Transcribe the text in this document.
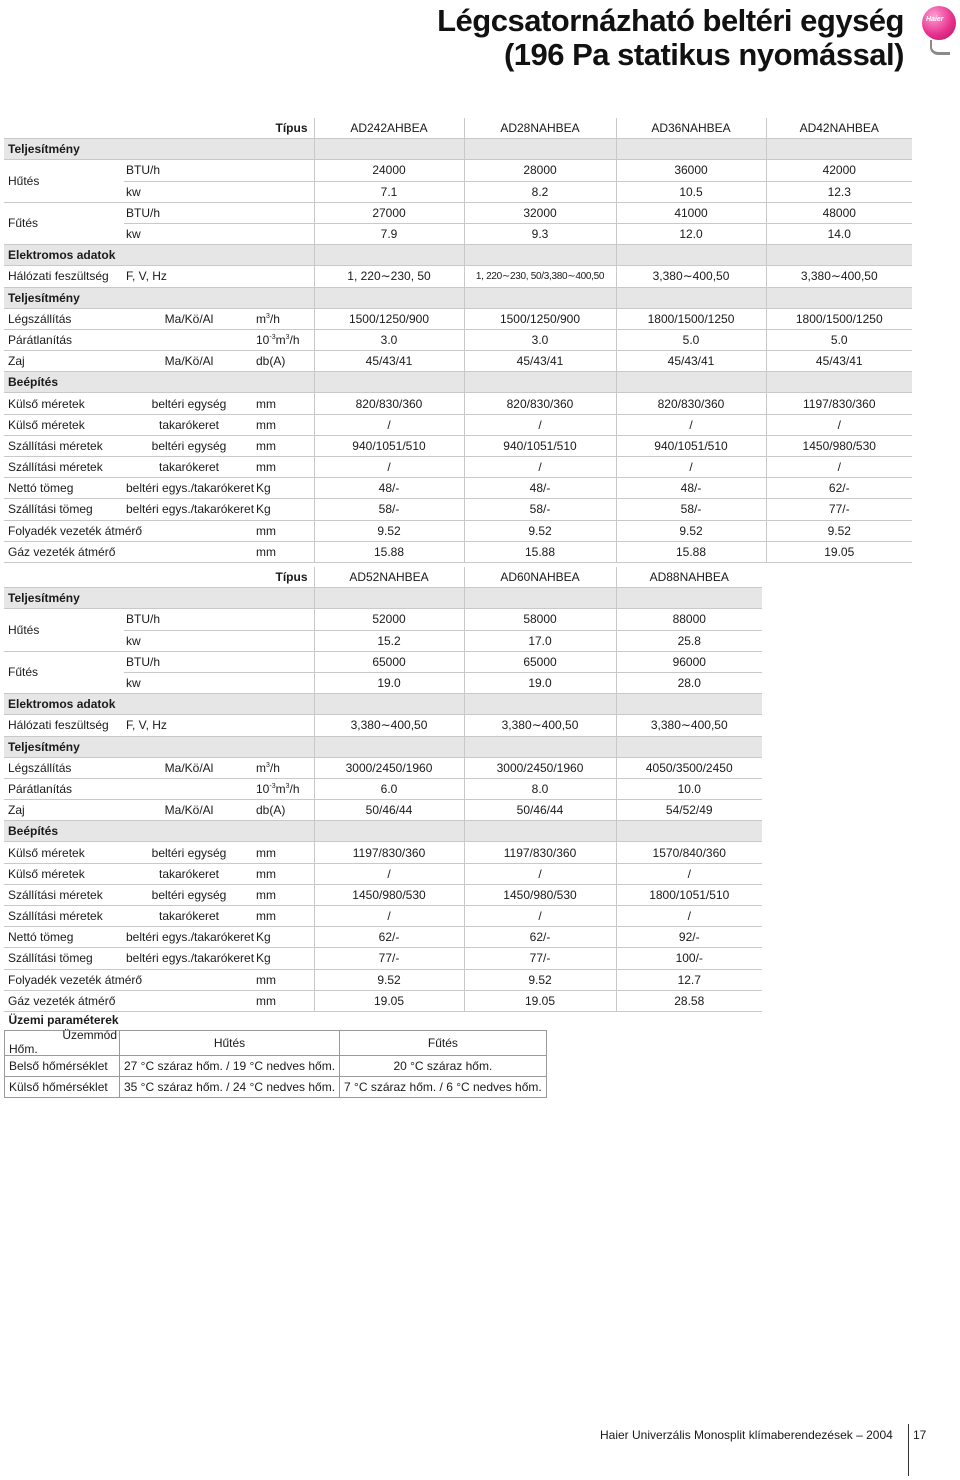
Légcsatornázható beltéri egység
(196 Pa statikus nyomással)
Haier
Típus			AD242AHBEA	AD28NAHBEA	AD36NAHBEA	AD42NAHBEA
Teljesítmény						
Hűtés	BTU/h		24000	28000	36000	42000
	kw		7.1	8.2	10.5	12.3
Fűtés	BTU/h		27000	32000	41000	48000
	kw		7.9	9.3	12.0	14.0
Elektromos adatok						
Hálózati feszültség	F, V, Hz		1, 220∼230, 50	1, 220∼230, 50/3,380∼400,50	3,380∼400,50	3,380∼400,50
Teljesítmény						
Légszállítás	Ma/Kö/Al	$m^3/h$	1500/1250/900	1500/1250/900	1800/1500/1250	1800/1500/1250
Párátlanítás		$10^{-3}m^3/h$	3.0	3.0	5.0	5.0
Zaj	Ma/Kö/Al	db(A)	45/43/41	45/43/41	45/43/41	45/43/41
Beépítés						
Külső méretek	beltéri egység	mm	820/830/360	820/830/360	820/830/360	1197/830/360
Külső méretek	takarókeret	mm	/	/	/	/
Szállítási méretek	beltéri egység	mm	940/1051/510	940/1051/510	940/1051/510	1450/980/530
Szállítási méretek	takarókeret	mm	/	/	/	/
Nettó tömeg	beltéri egys./takarókeret	Kg	48/-	48/-	48/-	62/-
Szállítási tömeg	beltéri egys./takarókeret	Kg	58/-	58/-	58/-	77/-
Folyadék vezeték átmérő		mm	9.52	9.52	9.52	9.52
Gáz vezeték átmérő		mm	15.88	15.88	15.88	19.05
Típus			AD52NAHBEA	AD60NAHBEA	AD88NAHBEA
Teljesítmény					
Hűtés	BTU/h		52000	58000	88000
	kw		15.2	17.0	25.8
Fűtés	BTU/h		65000	65000	96000
	kw		19.0	19.0	28.0
Elektromos adatok					
Hálózati feszültség	F, V, Hz		3,380∼400,50	3,380∼400,50	3,380∼400,50
Teljesítmény					
Légszállítás	Ma/Kö/Al	$m^3/h$	3000/2450/1960	3000/2450/1960	4050/3500/2450
Párátlanítás		$10^{-3}m^3/h$	6.0	8.0	10.0
Zaj	Ma/Kö/Al	db(A)	50/46/44	50/46/44	54/52/49
Beépítés					
Külső méretek	beltéri egység	mm	1197/830/360	1197/830/360	1570/840/360
Külső méretek	takarókeret	mm	/	/	/
Szállítási méretek	beltéri egység	mm	1450/980/530	1450/980/530	1800/1051/510
Szállítási méretek	takarókeret	mm	/	/	/
Nettó tömeg	beltéri egys./takarókeret	Kg	62/-	62/-	92/-
Szállítási tömeg	beltéri egys./takarókeret	Kg	77/-	77/-	100/-
Folyadék vezeték átmérő		mm	9.52	9.52	12.7
Gáz vezeték átmérő		mm	19.05	19.05	28.58
Üzemi paraméterek		

Üzemmód
Hőm.	Hűtés	Fűtés
Belső hőmérséklet	27 °C száraz hőm. / 19 °C nedves hőm.	20 °C száraz hőm.
Külső hőmérséklet	35 °C száraz hőm. / 24 °C nedves hőm.	7 °C száraz hőm. / 6 °C nedves hőm.
Haier Univerzális Monosplit klímaberendezések – 2004 17
